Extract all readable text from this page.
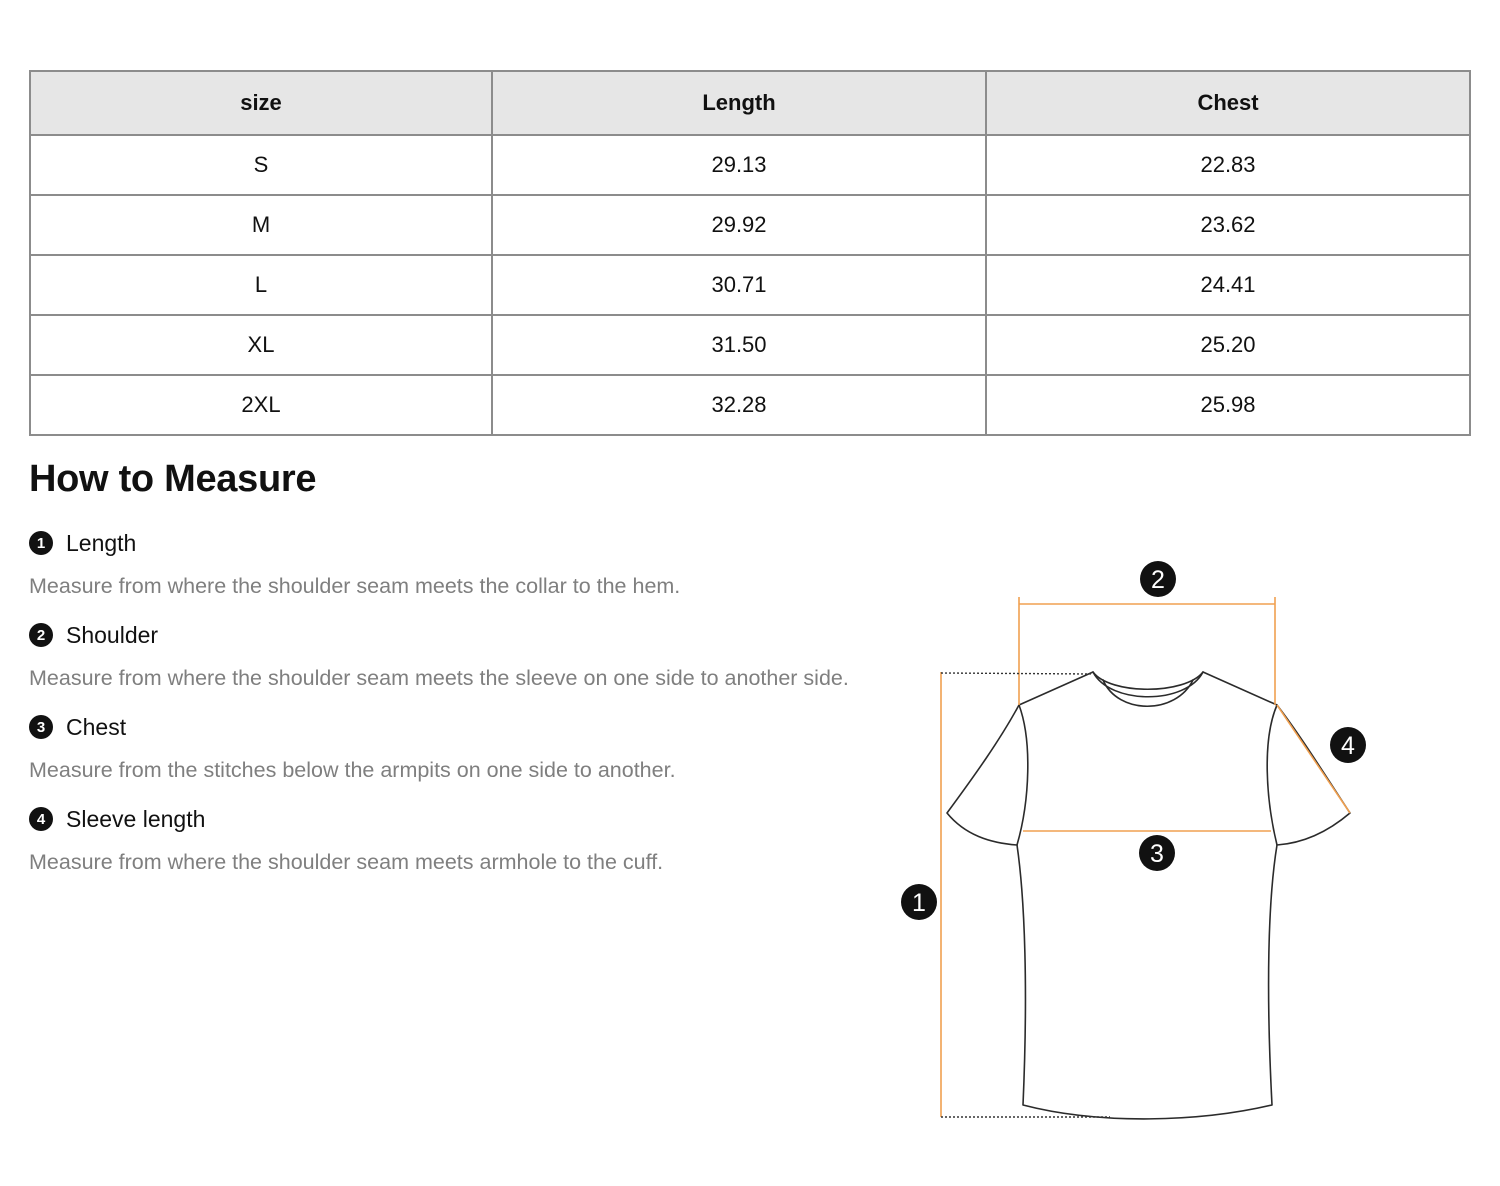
size	Length	Chest
S	29.13	22.83
M	29.92	23.62
L	30.71	24.41
XL	31.50	25.20
2XL	32.28	25.98
How to Measure
1 Length
Measure from where the shoulder seam meets the collar to the hem.
2 Shoulder
Measure from where the shoulder seam meets the sleeve on one side to another side.
3 Chest
Measure from the stitches below the armpits on one side to another.
4 Sleeve length
Measure from where the shoulder seam meets armhole to the cuff.
1
2
3
4
